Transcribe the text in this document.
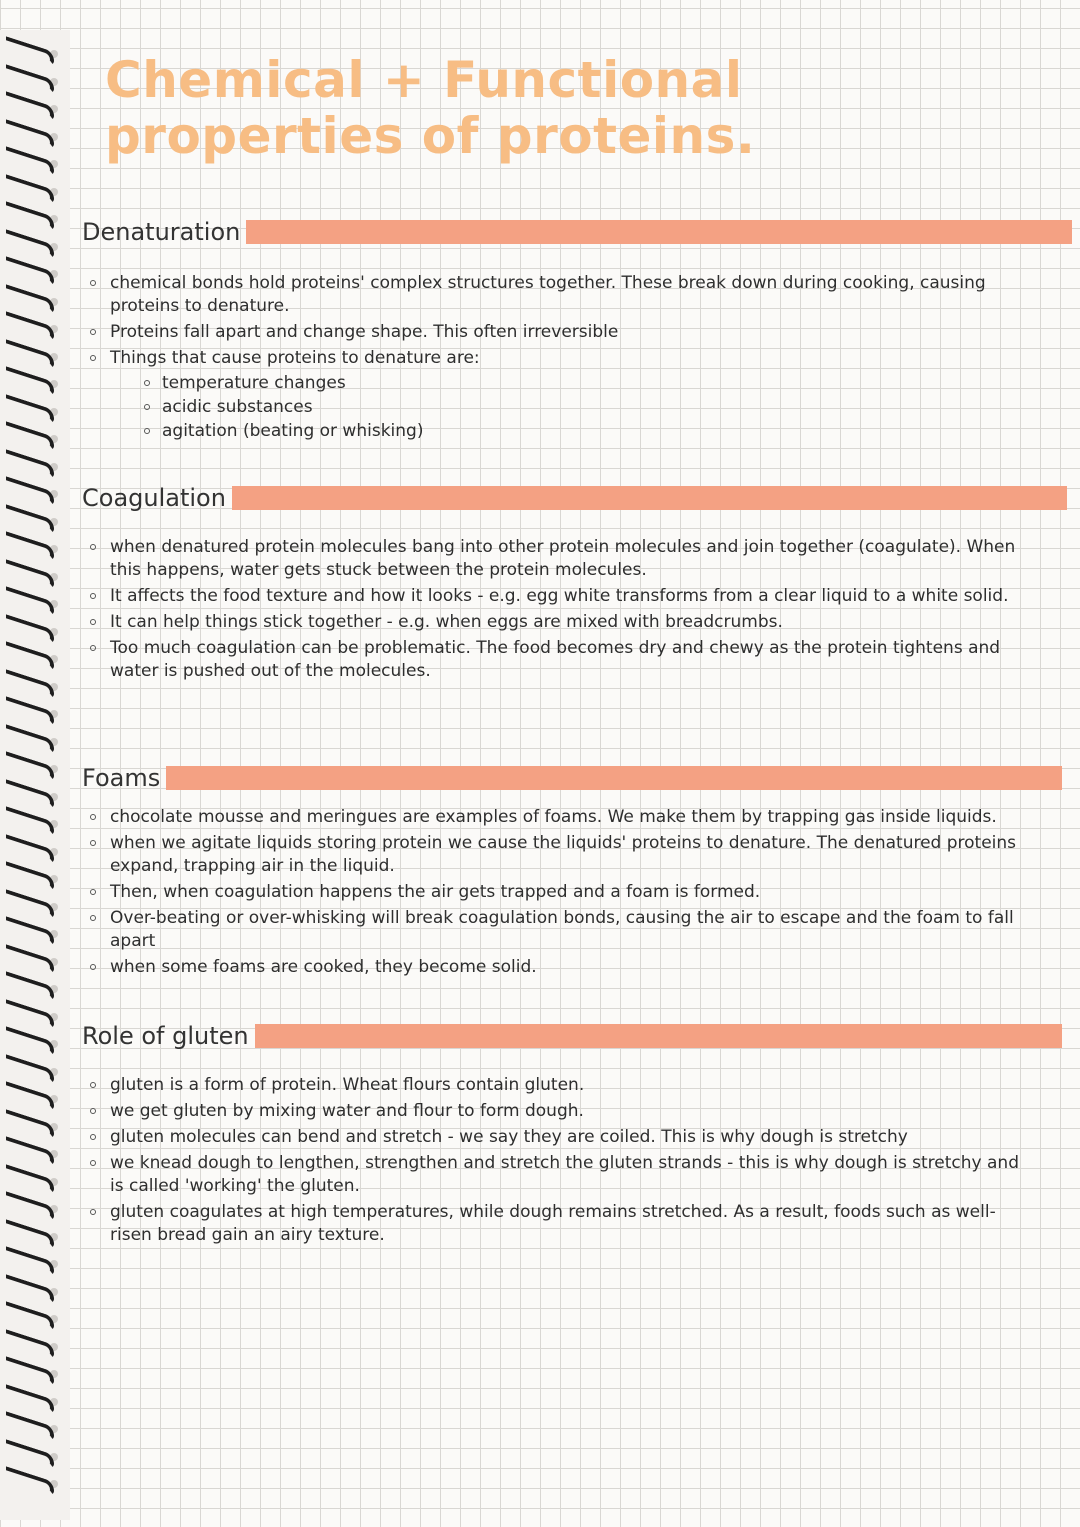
Chemical + Functional properties of proteins.
Denaturation
chemical bonds hold proteins' complex structures together. These break down during cooking, causing proteins to denature.
Proteins fall apart and change shape. This often irreversible
Things that cause proteins to denature are:
temperature changes
acidic substances
agitation (beating or whisking)
Coagulation
when denatured protein molecules bang into other protein molecules and join together (coagulate). When this happens, water gets stuck between the protein molecules.
It affects the food texture and how it looks - e.g. egg white transforms from a clear liquid to a white solid.
It can help things stick together - e.g. when eggs are mixed with breadcrumbs.
Too much coagulation can be problematic. The food becomes dry and chewy as the protein tightens and water is pushed out of the molecules.
Foams
chocolate mousse and meringues are examples of foams. We make them by trapping gas inside liquids.
when we agitate liquids storing protein we cause the liquids' proteins to denature. The denatured proteins expand, trapping air in the liquid.
Then, when coagulation happens the air gets trapped and a foam is formed.
Over-beating or over-whisking will break coagulation bonds, causing the air to escape and the foam to fall apart
when some foams are cooked, they become solid.
Role of gluten
gluten is a form of protein. Wheat flours contain gluten.
we get gluten by mixing water and flour to form dough.
gluten molecules can bend and stretch - we say they are coiled. This is why dough is stretchy
we knead dough to lengthen, strengthen and stretch the gluten strands - this is why dough is stretchy and is called 'working' the gluten.
gluten coagulates at high temperatures, while dough remains stretched. As a result, foods such as well-risen bread gain an airy texture.
